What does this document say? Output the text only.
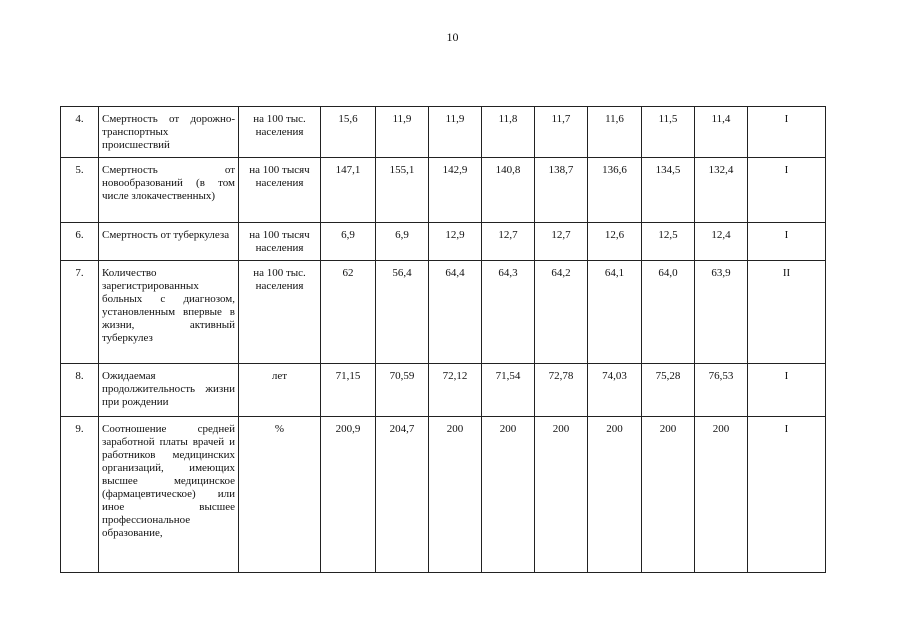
10
4.	Смертность от дорожно-транспортных происшествий	на 100 тыс. населения	15,6	11,9	11,9	11,8	11,7	11,6	11,5	11,4	I
5.	Смертность от новообразований (в том числе злокачественных)	на 100 тысяч населения	147,1	155,1	142,9	140,8	138,7	136,6	134,5	132,4	I
6.	Смертность от туберкулеза	на 100 тысяч населения	6,9	6,9	12,9	12,7	12,7	12,6	12,5	12,4	I
7.	Количество зарегистрированных больных с диагнозом, установленным впервые в жизни, активный туберкулез	на 100 тыс. населения	62	56,4	64,4	64,3	64,2	64,1	64,0	63,9	II
8.	Ожидаемая продолжительность жизни при рождении	лет	71,15	70,59	72,12	71,54	72,78	74,03	75,28	76,53	I
9.	Соотношение средней заработной платы врачей и работников медицинских организаций, имеющих высшее медицинское (фармацевтическое) или иное высшее профессиональное образование,	%	200,9	204,7	200	200	200	200	200	200	I
